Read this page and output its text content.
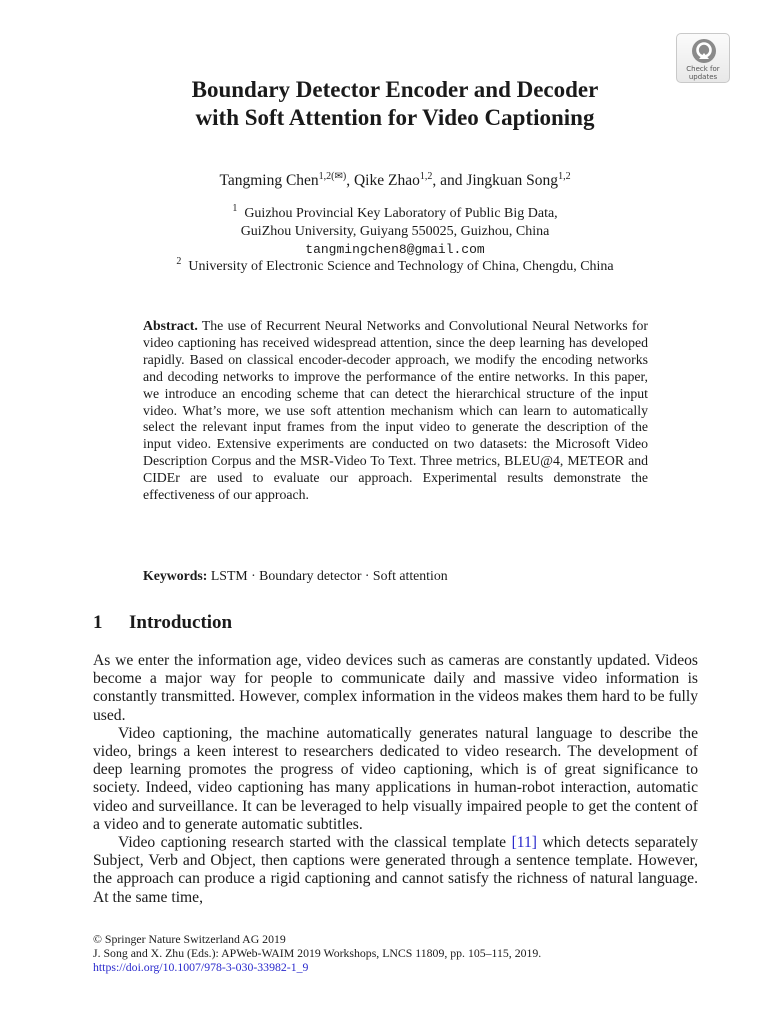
Check for
updates
Boundary Detector Encoder and Decoder
with Soft Attention for Video Captioning
Tangming Chen$^{1,2(✉)}$, Qike Zhao$^{1,2}$, and Jingkuan Song$^{1,2}$
$^1$ Guizhou Provincial Key Laboratory of Public Big Data,
GuiZhou University, Guiyang 550025, Guizhou, China
tangmingchen8@gmail.com
$^2$ University of Electronic Science and Technology of China, Chengdu, China

Abstract. The use of Recurrent Neural Networks and Convolutional Neural Networks for video captioning has received widespread attention, since the deep learning has developed rapidly. Based on classical encoder-decoder approach, we modify the encoding networks and decoding networks to improve the performance of the entire networks. In this paper, we introduce an encoding scheme that can detect the hierarchical structure of the input video. What’s more, we use soft attention mechanism which can learn to automatically select the relevant input frames from the input video to generate the description of the input video. Extensive experiments are conducted on two datasets: the Microsoft Video Description Corpus and the MSR-Video To Text. Three metrics, BLEU@4, METEOR and CIDEr are used to evaluate our approach. Experimental results demonstrate the effectiveness of our approach.

Keywords: LSTM · Boundary detector · Soft attention
1 Introduction

As we enter the information age, video devices such as cameras are constantly updated. Videos become a major way for people to communicate daily and massive video information is constantly transmitted. However, complex information in the videos makes them hard to be fully used.

Video captioning, the machine automatically generates natural language to describe the video, brings a keen interest to researchers dedicated to video research. The development of deep learning promotes the progress of video captioning, which is of great significance to society. Indeed, video captioning has many applications in human-robot interaction, automatic video and surveillance. It can be leveraged to help visually impaired people to get the content of a video and to generate automatic subtitles.

Video captioning research started with the classical template [11] which detects separately Subject, Verb and Object, then captions were generated through a sentence template. However, the approach can produce a rigid captioning and cannot satisfy the richness of natural language. At the same time,

© Springer Nature Switzerland AG 2019
J. Song and X. Zhu (Eds.): APWeb-WAIM 2019 Workshops, LNCS 11809, pp. 105–115, 2019.
https://doi.org/10.1007/978-3-030-33982-1_9
